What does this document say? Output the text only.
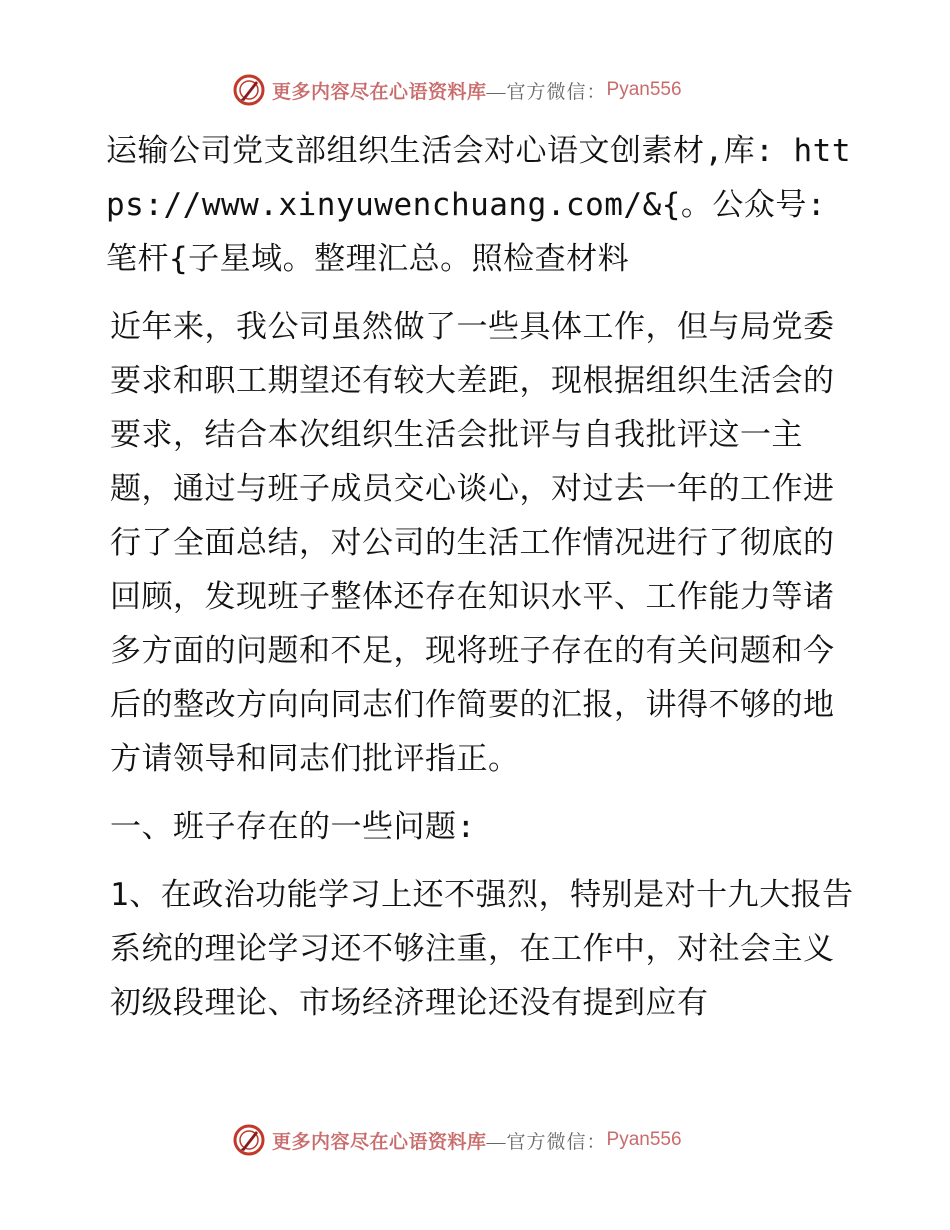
更多内容尽在心语资料库 —官方微信： Pyan556

运输公司党支部组织生活会对心语文创素材,库: https://www.xinyuwenchuang.com/&{。公众号: 笔杆{子星域。整理汇总。照检查材料

近年来，我公司虽然做了一些具体工作，但与局党委要求和职工期望还有较大差距，现根据组织生活会的要求，结合本次组织生活会批评与自我批评这一主题，通过与班子成员交心谈心，对过去一年的工作进行了全面总结，对公司的生活工作情况进行了彻底的回顾，发现班子整体还存在知识水平、工作能力等诸多方面的问题和不足，现将班子存在的有关问题和今后的整改方向向同志们作简要的汇报，讲得不够的地方请领导和同志们批评指正。

一、班子存在的一些问题:

1、在政治功能学习上还不强烈，特别是对十九大报告系统的理论学习还不够注重，在工作中，对社会主义初级段理论、市场经济理论还没有提到应有

更多内容尽在心语资料库 —官方微信： Pyan556
